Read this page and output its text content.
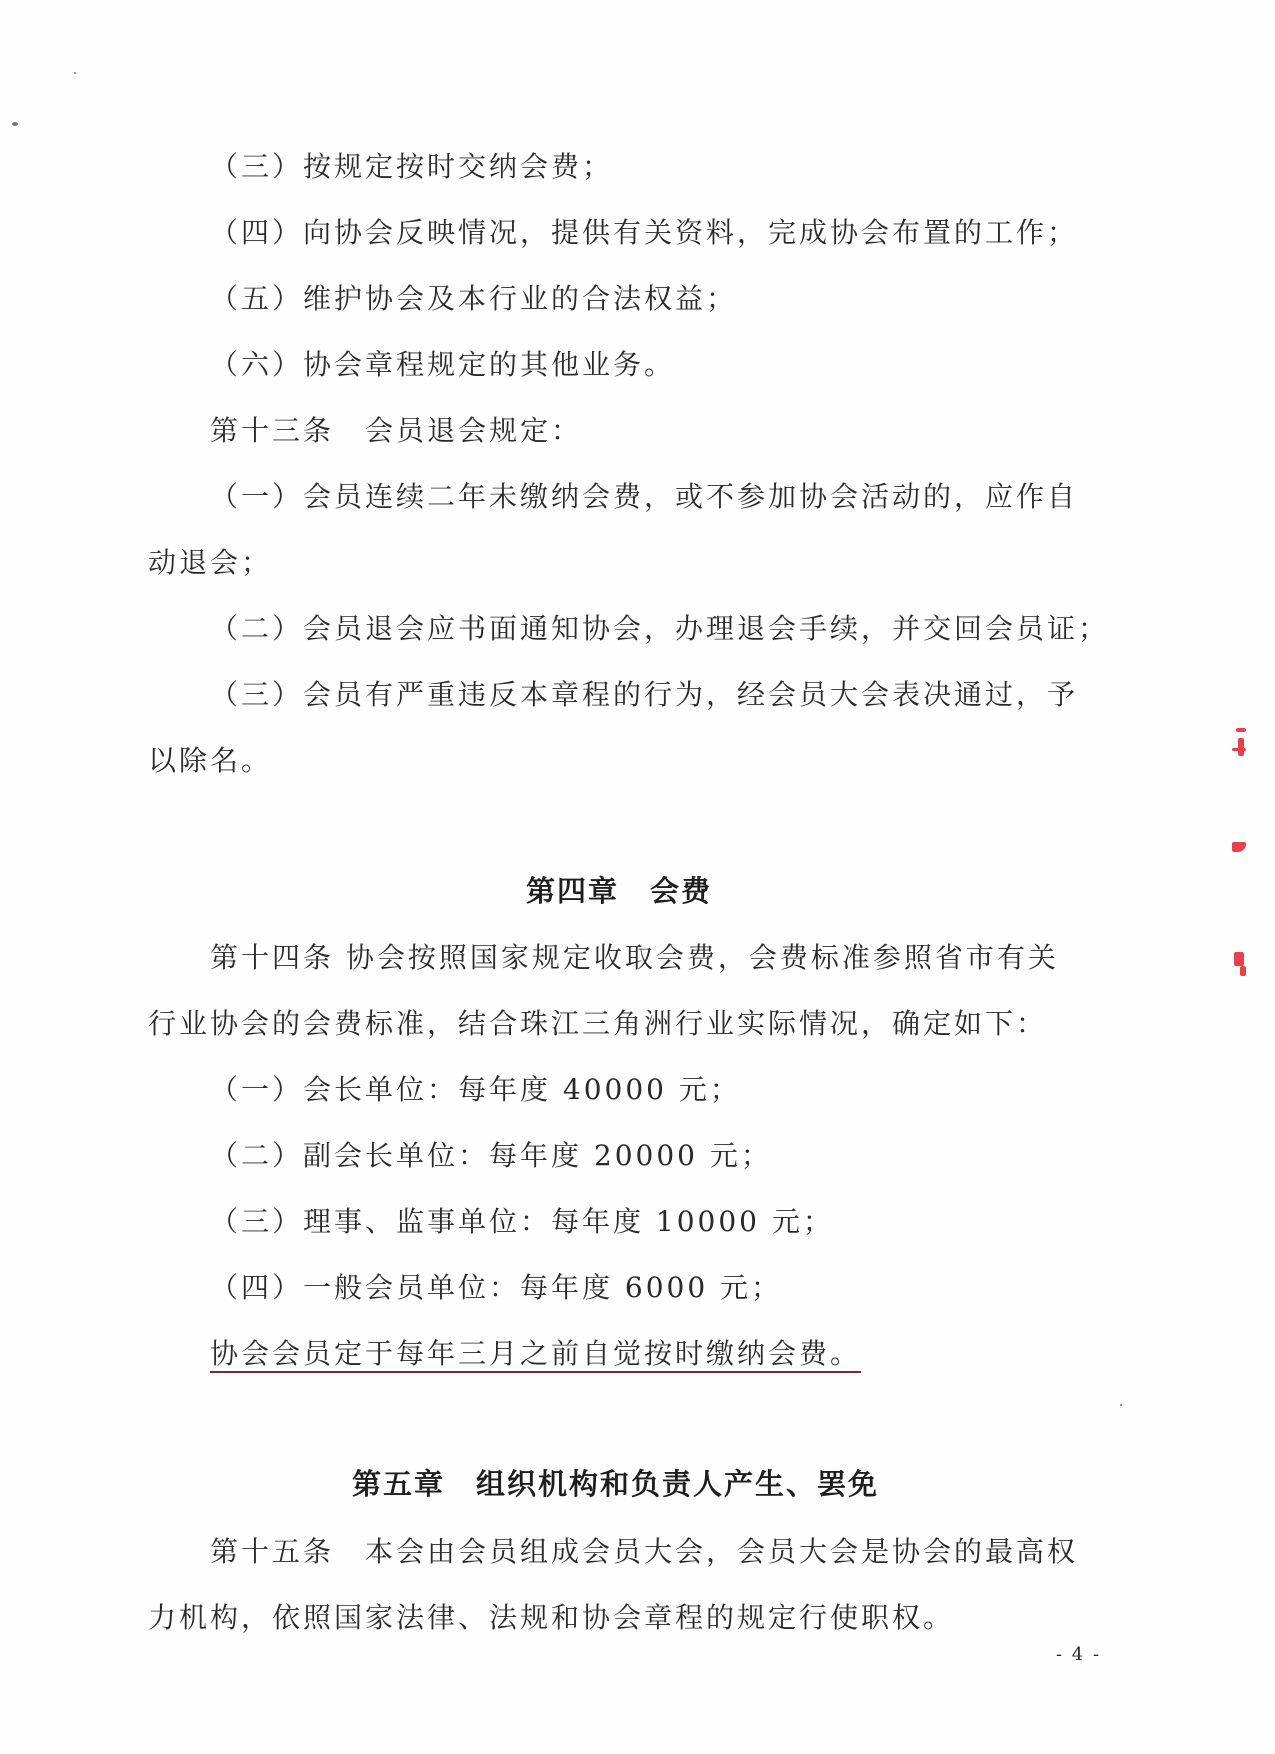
（三）按规定按时交纳会费；
（四）向协会反映情况，提供有关资料，完成协会布置的工作；
（五）维护协会及本行业的合法权益；
（六）协会章程规定的其他业务。
第十三条　会员退会规定：
（一）会员连续二年未缴纳会费，或不参加协会活动的，应作自
动退会；
（二）会员退会应书面通知协会，办理退会手续，并交回会员证；
（三）会员有严重违反本章程的行为，经会员大会表决通过，予
以除名。
第四章　会费
第十四条 协会按照国家规定收取会费，会费标准参照省市有关
行业协会的会费标准，结合珠江三角洲行业实际情况，确定如下：
（一）会长单位：每年度 40000 元；
（二）副会长单位：每年度 20000 元；
（三）理事、监事单位：每年度 10000 元；
（四）一般会员单位：每年度 6000 元；
协会会员定于每年三月之前自觉按时缴纳会费。
第五章　组织机构和负责人产生、罢免
第十五条　本会由会员组成会员大会，会员大会是协会的最高权
力机构，依照国家法律、法规和协会章程的规定行使职权。
- 4 -
